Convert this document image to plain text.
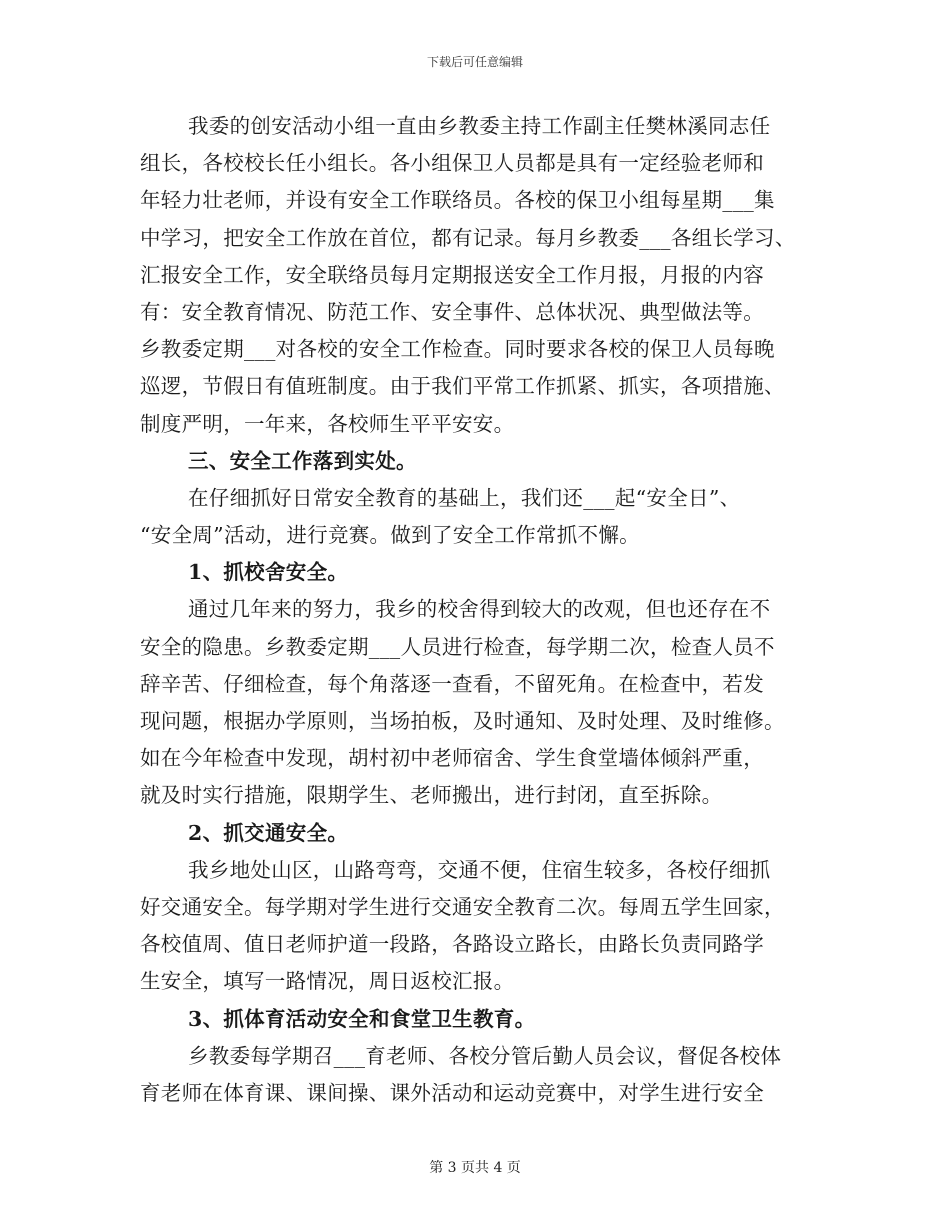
下载后可任意编辑
我委的创安活动小组一直由乡教委主持工作副主任樊林溪同志任
组长，各校校长任小组长。各小组保卫人员都是具有一定经验老师和
年轻力壮老师，并设有安全工作联络员。各校的保卫小组每星期___集
中学习，把安全工作放在首位，都有记录。每月乡教委___各组长学习、
汇报安全工作，安全联络员每月定期报送安全工作月报，月报的内容
有：安全教育情况、防范工作、安全事件、总体状况、典型做法等。
乡教委定期___对各校的安全工作检查。同时要求各校的保卫人员每晚
巡逻，节假日有值班制度。由于我们平常工作抓紧、抓实，各项措施、
制度严明，一年来，各校师生平平安安。
三、安全工作落到实处。
在仔细抓好日常安全教育的基础上，我们还___起“安全日”、
“安全周”活动，进行竞赛。做到了安全工作常抓不懈。
1、抓校舍安全。
通过几年来的努力，我乡的校舍得到较大的改观，但也还存在不
安全的隐患。乡教委定期___人员进行检查，每学期二次，检查人员不
辞辛苦、仔细检查，每个角落逐一查看，不留死角。在检查中，若发
现问题，根据办学原则，当场拍板，及时通知、及时处理、及时维修。
如在今年检查中发现，胡村初中老师宿舍、学生食堂墙体倾斜严重，
就及时实行措施，限期学生、老师搬出，进行封闭，直至拆除。
2、抓交通安全。
我乡地处山区，山路弯弯，交通不便，住宿生较多，各校仔细抓
好交通安全。每学期对学生进行交通安全教育二次。每周五学生回家，
各校值周、值日老师护道一段路，各路设立路长，由路长负责同路学
生安全，填写一路情况，周日返校汇报。
3、抓体育活动安全和食堂卫生教育。
乡教委每学期召___育老师、各校分管后勤人员会议，督促各校体
育老师在体育课、课间操、课外活动和运动竞赛中，对学生进行安全
第 3 页共 4 页
